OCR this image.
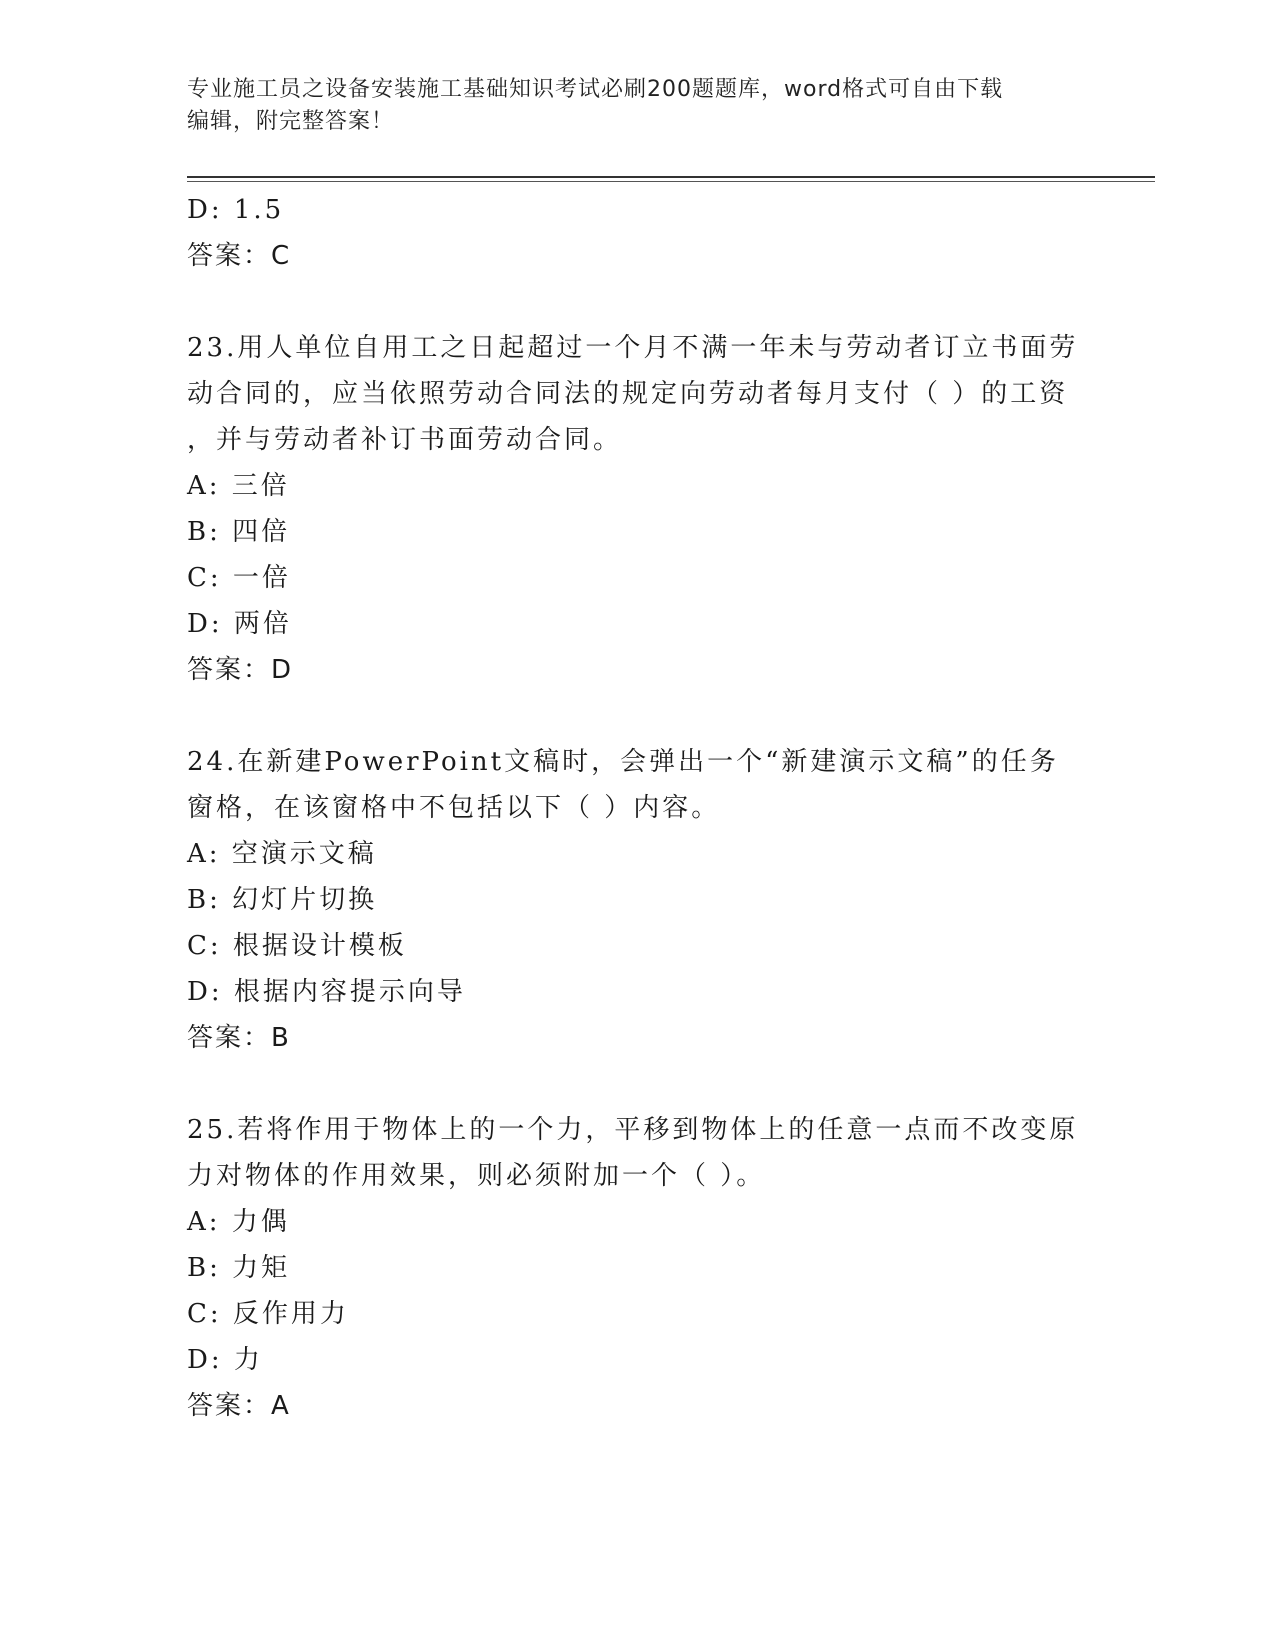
专业施工员之设备安装施工基础知识考试必刷200题题库，word格式可自由下载
编辑，附完整答案！

D: 1.5

答案：C

23.用人单位自用工之日起超过一个月不满一年未与劳动者订立书面劳

动合同的，应当依照劳动合同法的规定向劳动者每月支付（ ）的工资

，并与劳动者补订书面劳动合同。

A: 三倍

B: 四倍

C: 一倍

D: 两倍

答案：D

24.在新建PowerPoint文稿时，会弹出一个“新建演示文稿”的任务

窗格，在该窗格中不包括以下（ ）内容。

A: 空演示文稿

B: 幻灯片切换

C: 根据设计模板

D: 根据内容提示向导

答案：B

25.若将作用于物体上的一个力，平移到物体上的任意一点而不改变原

力对物体的作用效果，则必须附加一个（ ）。

A: 力偶

B: 力矩

C: 反作用力

D: 力

答案：A
